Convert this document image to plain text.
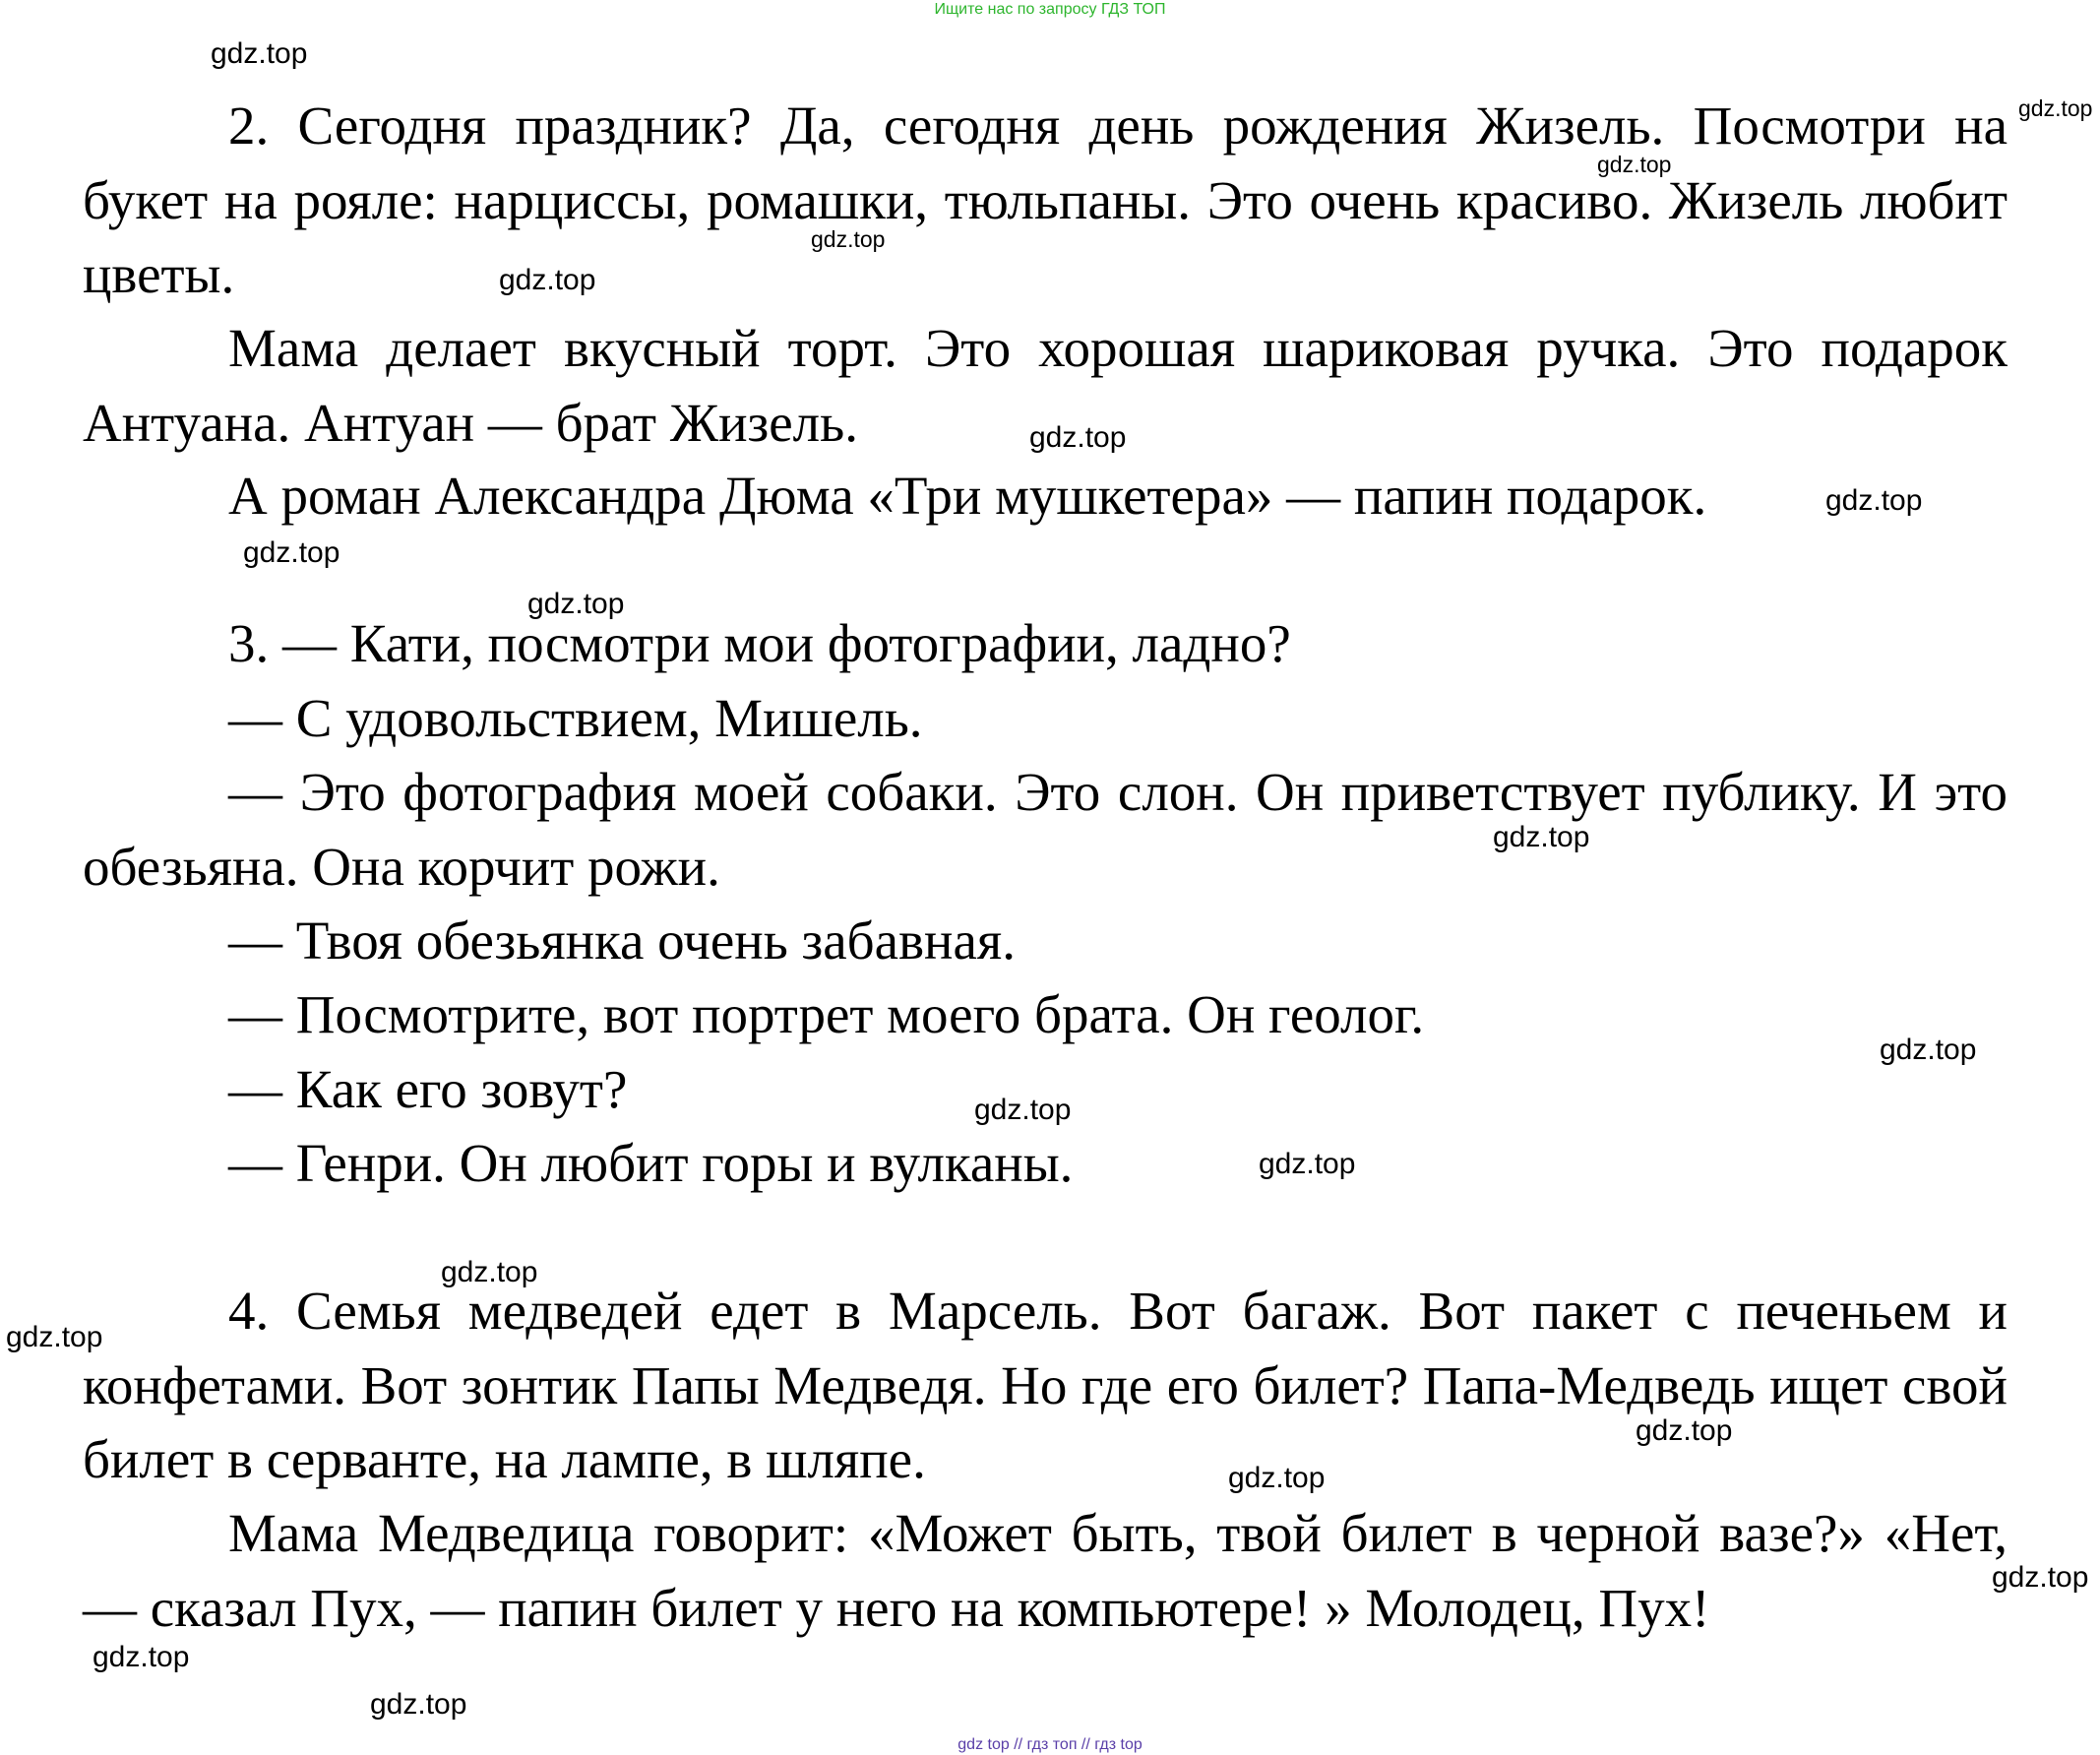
Ищите нас по запросу ГДЗ ТОП

2. Сегодня праздник? Да, сегодня день рождения Жизель. Посмотри на букет на рояле: нарциссы, ромашки, тюльпаны. Это очень красиво. Жизель любит цветы.

Мама делает вкусный торт. Это хорошая шариковая ручка. Это подарок Антуана. Антуан — брат Жизель.

А роман Александра Дюма «Три мушкетера» — папин подарок.

3. — Кати, посмотри мои фотографии, ладно?

— С удовольствием, Мишель.

— Это фотография моей собаки. Это слон. Он приветствует публику. И это обезьяна. Она корчит рожи.

— Твоя обезьянка очень забавная.

— Посмотрите, вот портрет моего брата. Он геолог.

— Как его зовут?

— Генри. Он любит горы и вулканы.

4. Семья медведей едет в Марсель. Вот багаж. Вот пакет с печеньем и конфетами. Вот зонтик Папы Медведя. Но где его билет? Папа-Медведь ищет свой билет в серванте, на лампе, в шляпе.

Мама Медведица говорит: «Может быть, твой билет в черной вазе?» «Нет, — сказал Пух, — папин билет у него на компьютере! » Молодец, Пух!

gdz.top
gdz.top
gdz.top
gdz.top
gdz.top
gdz.top
gdz.top
gdz.top
gdz.top
gdz.top
gdz.top
gdz.top
gdz.top
gdz.top
gdz.top
gdz.top
gdz.top
gdz.top
gdz.top
gdz.top
gdz top // гдз топ // гдз top
